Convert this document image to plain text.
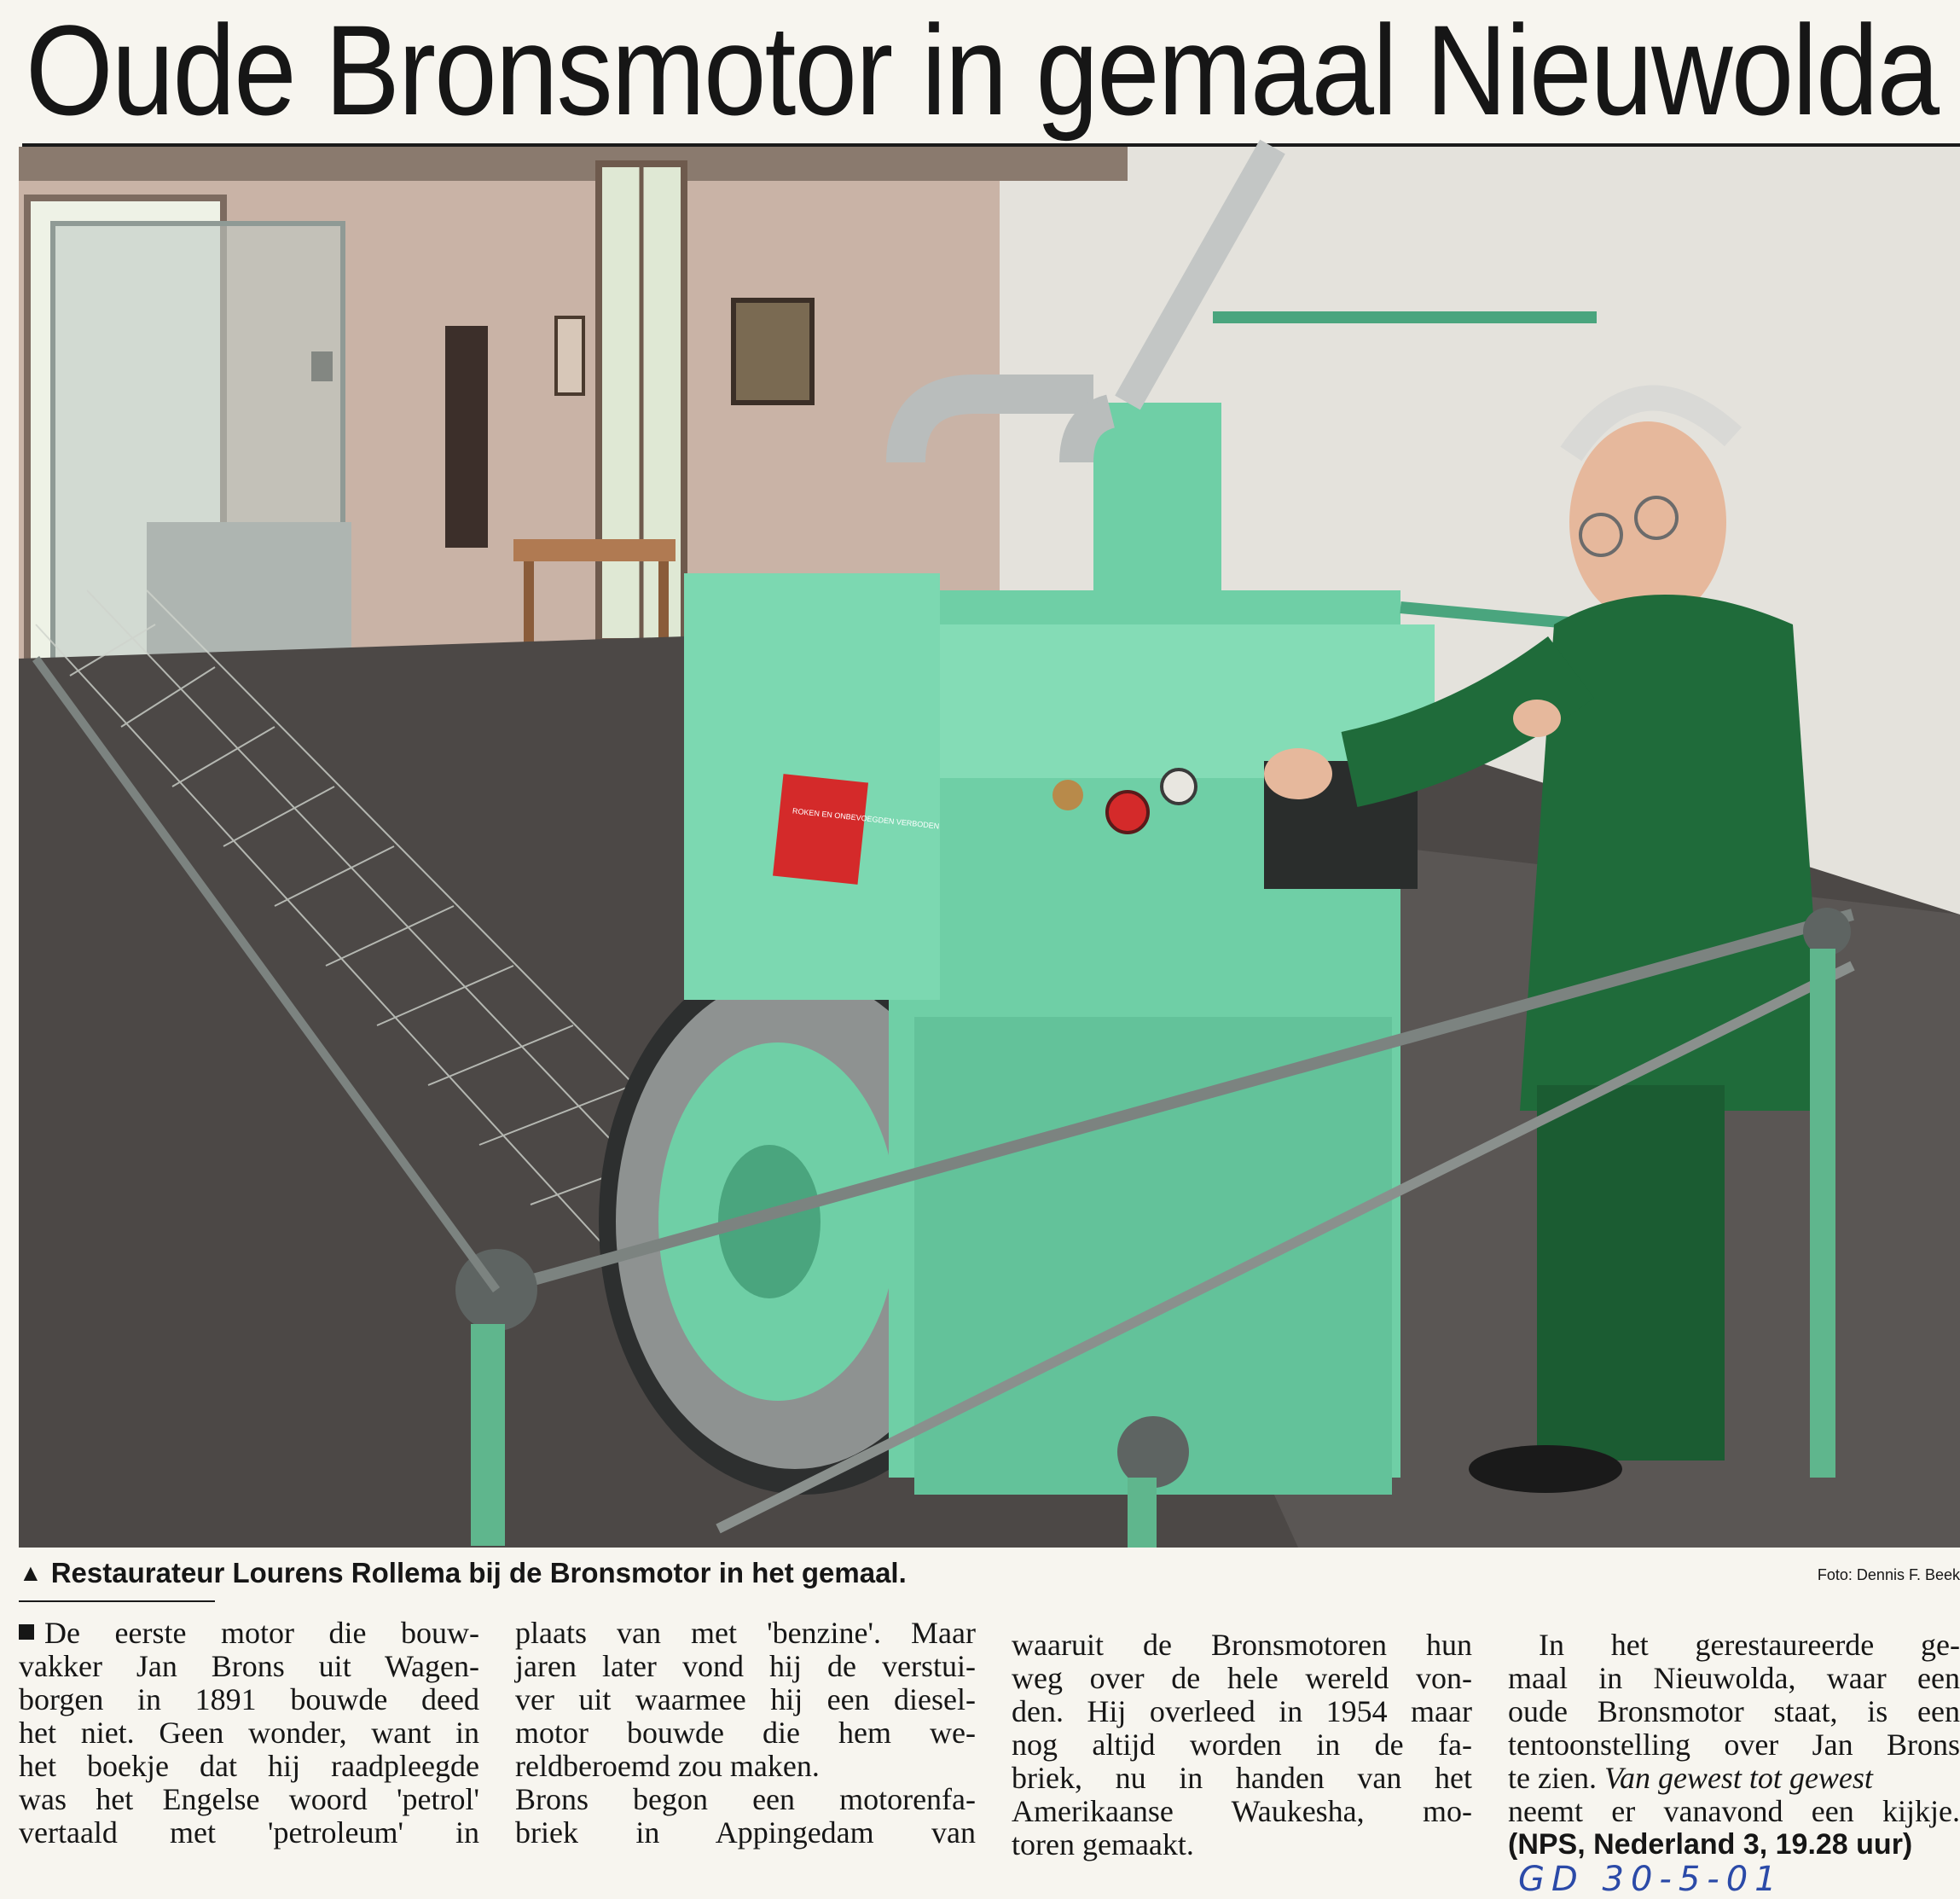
Oude Bronsmotor in gemaal Nieuwolda
ROKEN EN ONBEVOEGDEN VERBODEN
▲ Restaurateur Lourens Rollema bij de Bronsmotor in het gemaal.	Foto: Dennis F. Beek
De eerste motor die bouw-
vakker Jan Brons uit Wagen-
borgen in 1891 bouwde deed
het niet. Geen wonder, want in
het boekje dat hij raadpleegde
was het Engelse woord 'petrol'
vertaald met 'petroleum' in
plaats van met 'benzine'. Maar
jaren later vond hij de verstui-
ver uit waarmee hij een diesel-
motor bouwde die hem we-
reldberoemd zou maken.
Brons begon een motorenfa-
briek in Appingedam van
waaruit de Bronsmotoren hun
weg over de hele wereld von-
den. Hij overleed in 1954 maar
nog altijd worden in de fa-
briek, nu in handen van het
Amerikaanse Waukesha, mo-
toren gemaakt.
In het gerestaureerde ge-
maal in Nieuwolda, waar een
oude Bronsmotor staat, is een
tentoonstelling over Jan Brons
te zien. Van gewest tot gewest
neemt er vanavond een kijkje.
(NPS, Nederland 3, 19.28 uur)
GD 30-5-01
